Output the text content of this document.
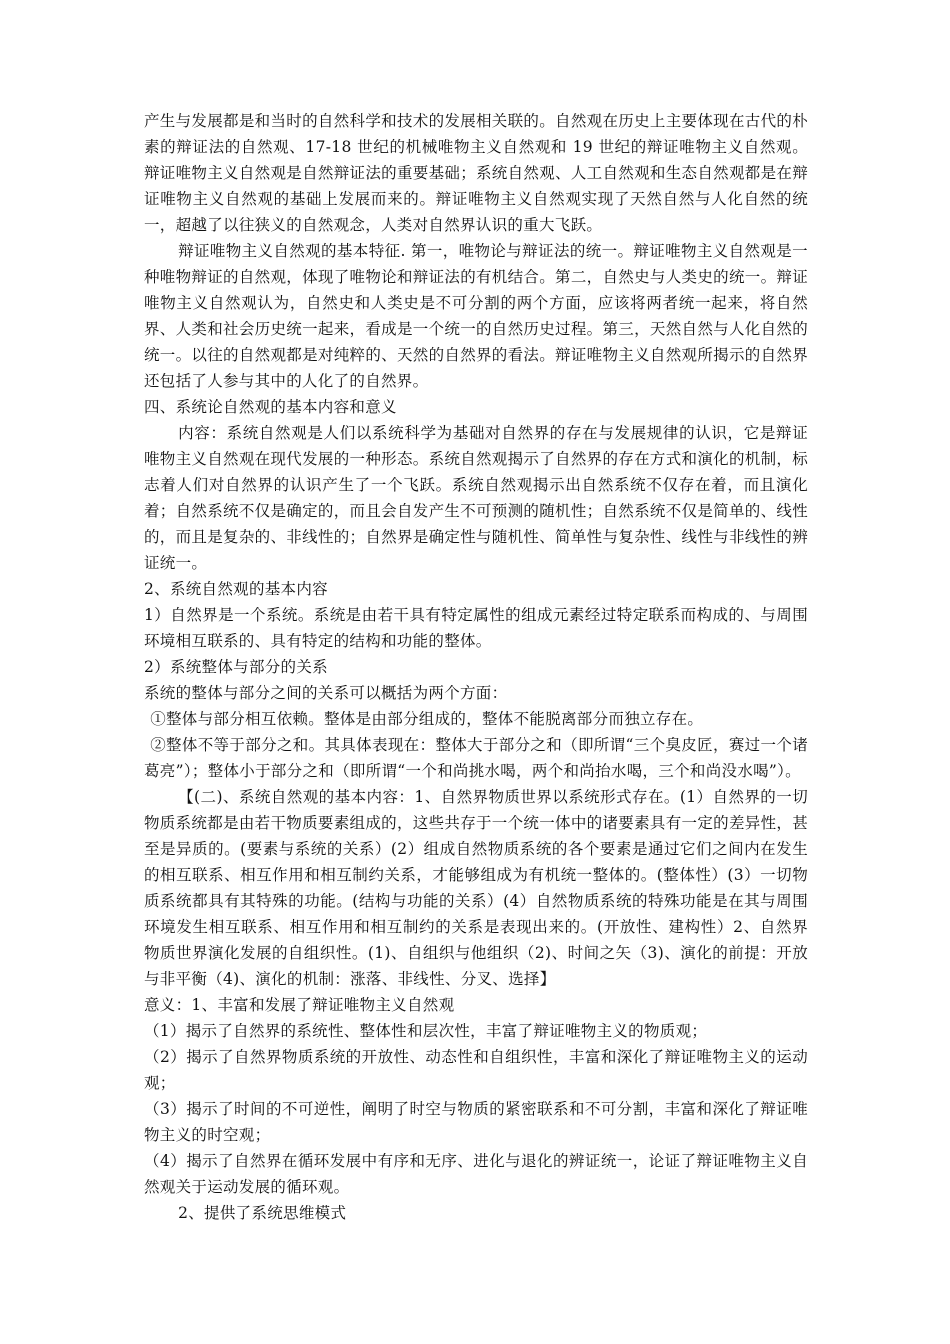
产生与发展都是和当时的自然科学和技术的发展相关联的。自然观在历史上主要体现在古代的朴素的辩证法的自然观、17-18 世纪的机械唯物主义自然观和 19 世纪的辩证唯物主义自然观。辩证唯物主义自然观是自然辩证法的重要基础；系统自然观、人工自然观和生态自然观都是在辩证唯物主义自然观的基础上发展而来的。辩证唯物主义自然观实现了天然自然与人化自然的统一，超越了以往狭义的自然观念，人类对自然界认识的重大飞跃。

辩证唯物主义自然观的基本特征. 第一，唯物论与辩证法的统一。辩证唯物主义自然观是一种唯物辩证的自然观，体现了唯物论和辩证法的有机结合。第二，自然史与人类史的统一。辩证唯物主义自然观认为，自然史和人类史是不可分割的两个方面，应该将两者统一起来，将自然界、人类和社会历史统一起来，看成是一个统一的自然历史过程。第三，天然自然与人化自然的统一。以往的自然观都是对纯粹的、天然的自然界的看法。辩证唯物主义自然观所揭示的自然界还包括了人参与其中的人化了的自然界。

四、系统论自然观的基本内容和意义

内容：系统自然观是人们以系统科学为基础对自然界的存在与发展规律的认识，它是辩证唯物主义自然观在现代发展的一种形态。系统自然观揭示了自然界的存在方式和演化的机制，标志着人们对自然界的认识产生了一个飞跃。系统自然观揭示出自然系统不仅存在着，而且演化着；自然系统不仅是确定的，而且会自发产生不可预测的随机性；自然系统不仅是简单的、线性的，而且是复杂的、非线性的；自然界是确定性与随机性、简单性与复杂性、线性与非线性的辨证统一。

2、系统自然观的基本内容

1）自然界是一个系统。系统是由若干具有特定属性的组成元素经过特定联系而构成的、与周围环境相互联系的、具有特定的结构和功能的整体。

2）系统整体与部分的关系

系统的整体与部分之间的关系可以概括为两个方面：

①整体与部分相互依赖。整体是由部分组成的，整体不能脱离部分而独立存在。

②整体不等于部分之和。其具体表现在：整体大于部分之和（即所谓“三个臭皮匠，赛过一个诸葛亮”）；整体小于部分之和（即所谓“一个和尚挑水喝，两个和尚抬水喝，三个和尚没水喝”）。

【(二)、系统自然观的基本内容：1、自然界物质世界以系统形式存在。(1）自然界的一切物质系统都是由若干物质要素组成的，这些共存于一个统一体中的诸要素具有一定的差异性，甚至是异质的。(要素与系统的关系）(2）组成自然物质系统的各个要素是通过它们之间内在发生的相互联系、相互作用和相互制约关系，才能够组成为有机统一整体的。(整体性）(3）一切物质系统都具有其特殊的功能。(结构与功能的关系）(4）自然物质系统的特殊功能是在其与周围环境发生相互联系、相互作用和相互制约的关系是表现出来的。(开放性、建构性）2、自然界物质世界演化发展的自组织性。(1)、自组织与他组织（2)、时间之矢（3)、演化的前提：开放与非平衡（4)、演化的机制：涨落、非线性、分叉、选择】

意义：1、丰富和发展了辩证唯物主义自然观

（1）揭示了自然界的系统性、整体性和层次性，丰富了辩证唯物主义的物质观；

（2）揭示了自然界物质系统的开放性、动态性和自组织性，丰富和深化了辩证唯物主义的运动观；

（3）揭示了时间的不可逆性，阐明了时空与物质的紧密联系和不可分割，丰富和深化了辩证唯物主义的时空观；

（4）揭示了自然界在循环发展中有序和无序、进化与退化的辨证统一，论证了辩证唯物主义自然观关于运动发展的循环观。

2、提供了系统思维模式
